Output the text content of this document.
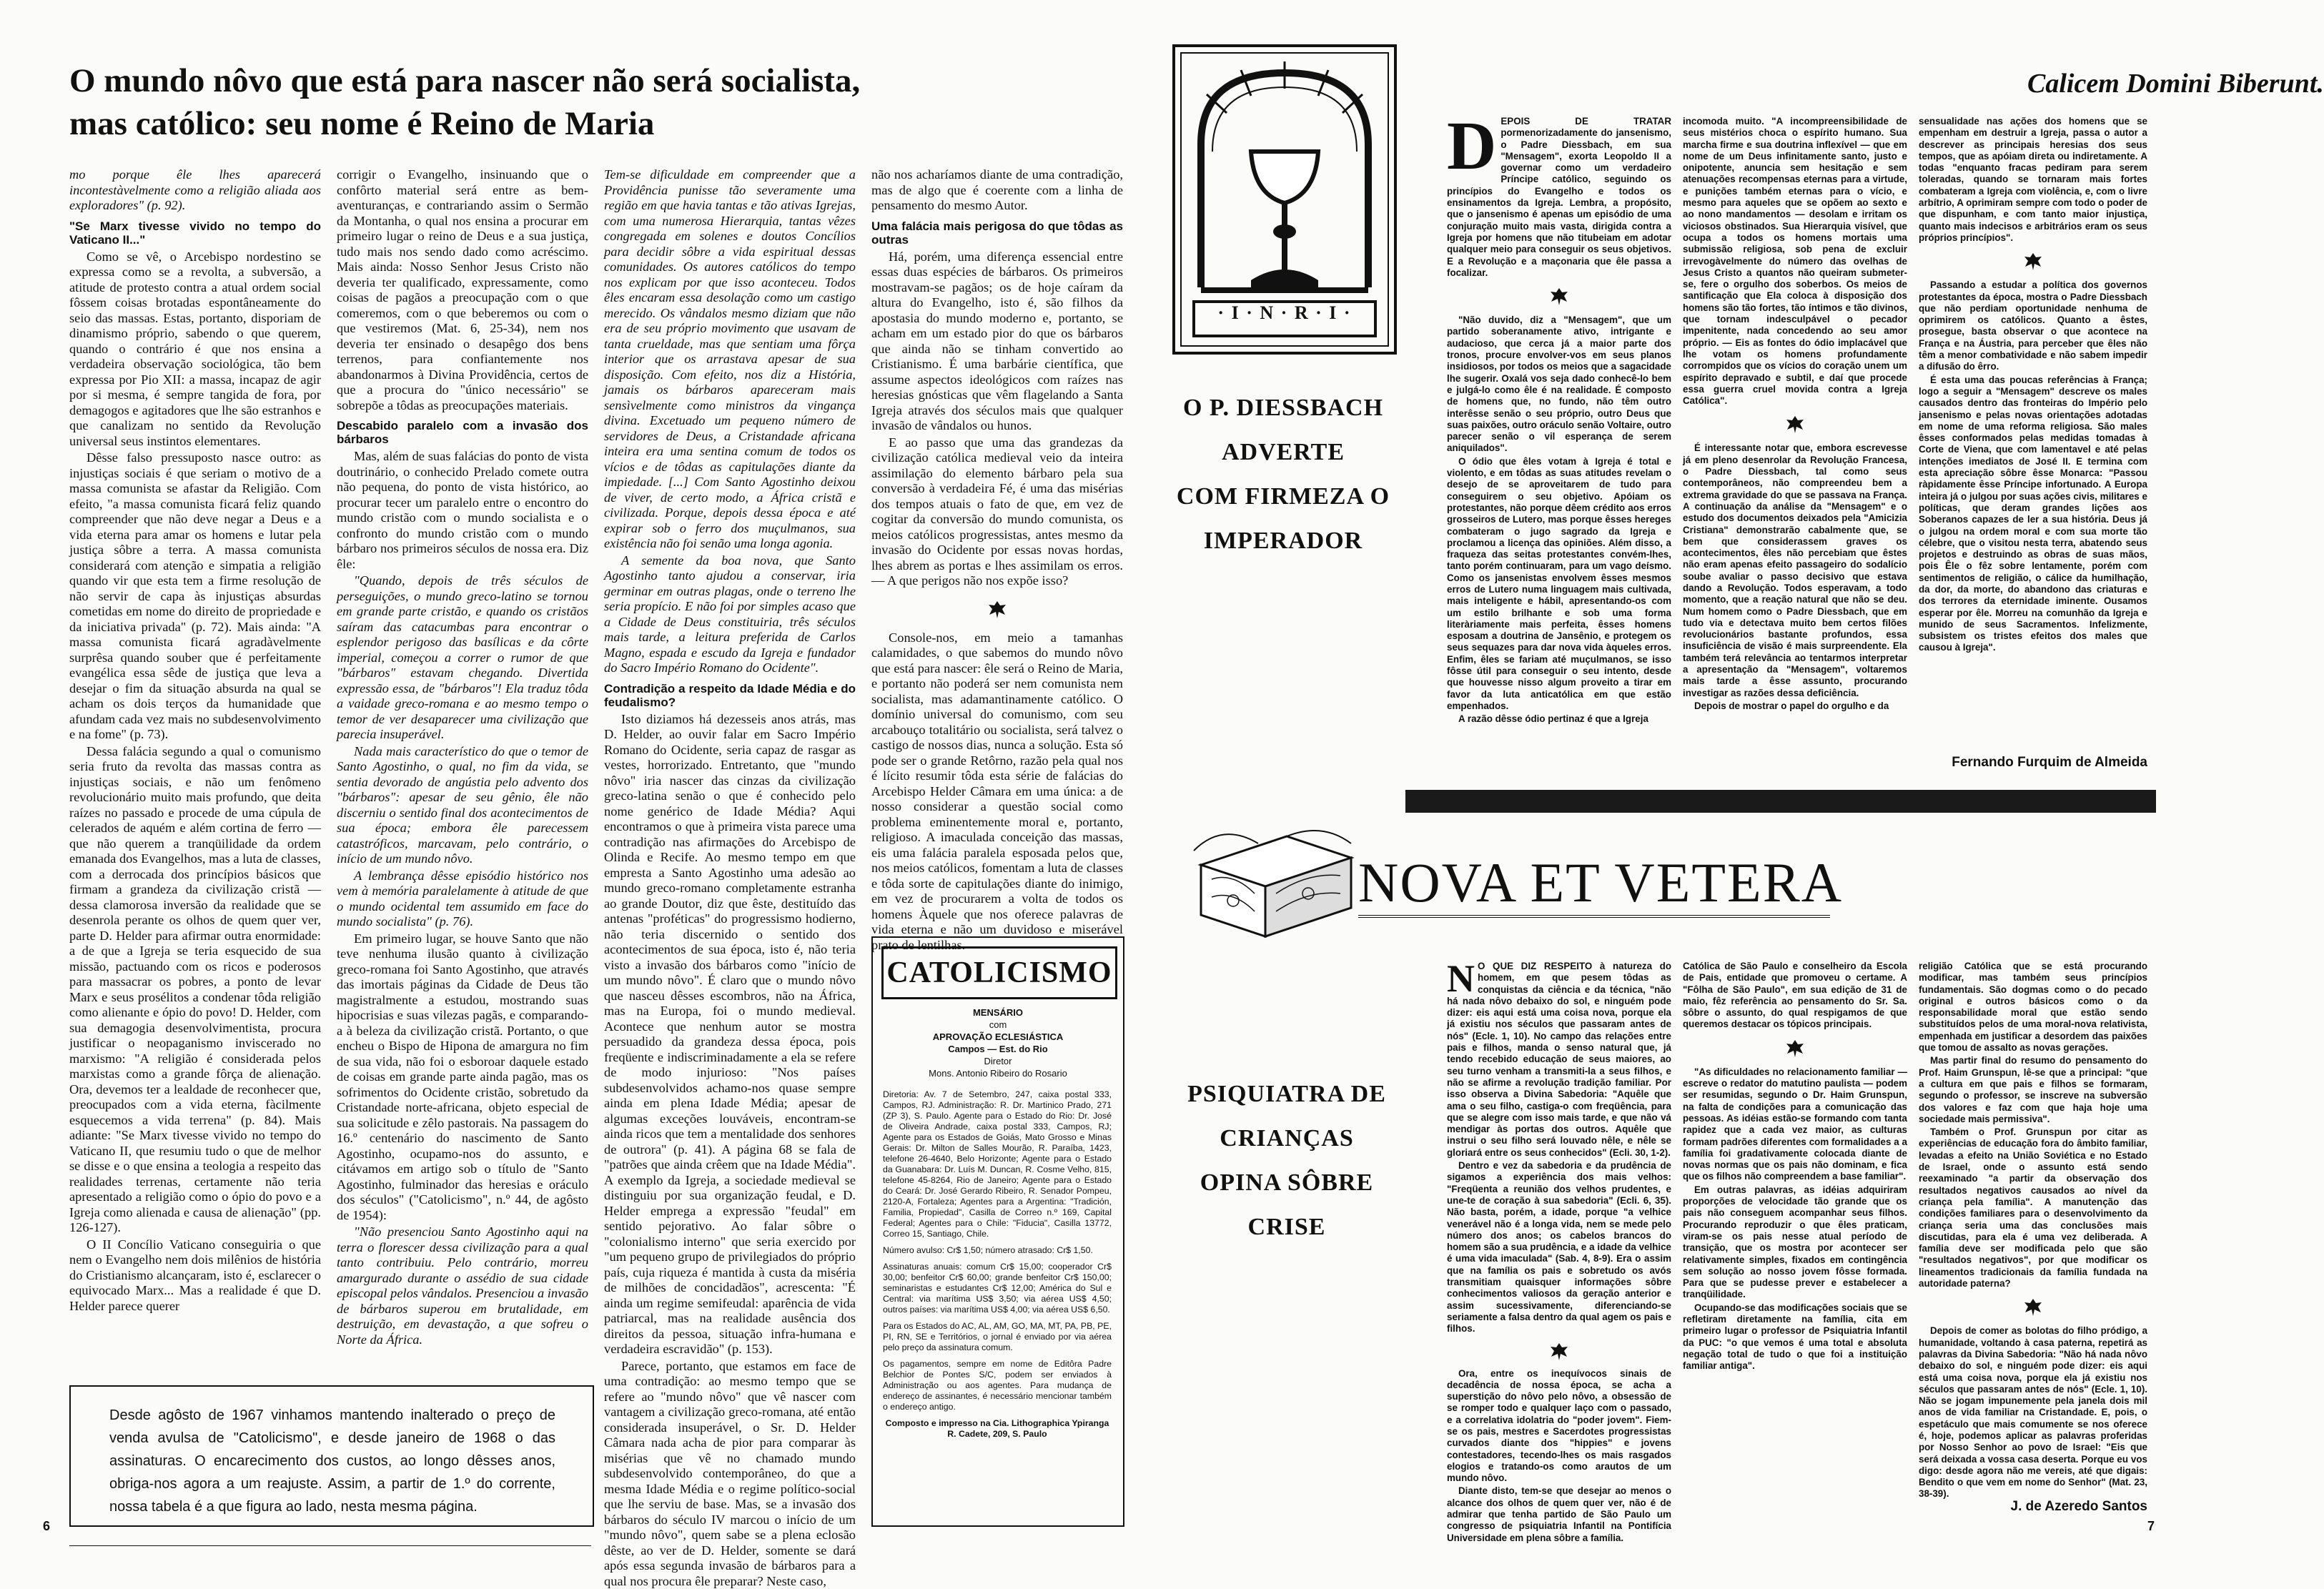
O mundo nôvo que está para nascer não será socialista,
mas católico: seu nome é Reino de Maria

mo porque êle lhes aparecerá incontestàvelmente como a religião aliada aos exploradores" (p. 92).

"Se Marx tivesse vivido no tempo do Vaticano II..."

Como se vê, o Arcebispo nordestino se expressa como se a revolta, a subversão, a atitude de protesto contra a atual ordem social fôssem coisas brotadas espontâneamente do seio das massas. Estas, portanto, disporiam de dinamismo próprio, sabendo o que querem, quando o contrário é que nos ensina a verdadeira observação sociológica, tão bem expressa por Pio XII: a massa, incapaz de agir por si mesma, é sempre tangida de fora, por demagogos e agitadores que lhe são estranhos e que canalizam no sentido da Revolução universal seus instintos elementares.

Dêsse falso pressuposto nasce outro: as injustiças sociais é que seriam o motivo de a massa comunista se afastar da Religião. Com efeito, "a massa comunista ficará feliz quando compreender que não deve negar a Deus e a vida eterna para amar os homens e lutar pela justiça sôbre a terra. A massa comunista considerará com atenção e simpatia a religião quando vir que esta tem a firme resolução de não servir de capa às injustiças absurdas cometidas em nome do direito de propriedade e da iniciativa privada" (p. 72). Mais ainda: "A massa comunista ficará agradàvelmente surprêsa quando souber que é perfeitamente evangélica essa sêde de justiça que leva a desejar o fim da situação absurda na qual se acham os dois terços da humanidade que afundam cada vez mais no subdesenvolvimento e na fome" (p. 73).

Dessa falácia segundo a qual o comunismo seria fruto da revolta das massas contra as injustiças sociais, e não um fenômeno revolucionário muito mais profundo, que deita raízes no passado e procede de uma cúpula de celerados de aquém e além cortina de ferro — que não querem a tranqüilidade da ordem emanada dos Evangelhos, mas a luta de classes, com a derrocada dos princípios básicos que firmam a grandeza da civilização cristã — dessa clamorosa inversão da realidade que se desenrola perante os olhos de quem quer ver, parte D. Helder para afirmar outra enormidade: a de que a Igreja se teria esquecido de sua missão, pactuando com os ricos e poderosos para massacrar os pobres, a ponto de levar Marx e seus prosélitos a condenar tôda religião como alienante e ópio do povo! D. Helder, com sua demagogia desenvolvimentista, procura justificar o neopaganismo inviscerado no marxismo: "A religião é considerada pelos marxistas como a grande fôrça de alienação. Ora, devemos ter a lealdade de reconhecer que, preocupados com a vida eterna, fàcilmente esquecemos a vida terrena" (p. 84). Mais adiante: "Se Marx tivesse vivido no tempo do Vaticano II, que resumiu tudo o que de melhor se disse e o que ensina a teologia a respeito das realidades terrenas, certamente não teria apresentado a religião como o ópio do povo e a Igreja como alienada e causa de alienação" (pp. 126-127).

O II Concílio Vaticano conseguiria o que nem o Evangelho nem dois milênios de história do Cristianismo alcançaram, isto é, esclarecer o equivocado Marx... Mas a realidade é que D. Helder parece querer

corrigir o Evangelho, insinuando que o confôrto material será entre as bem-aventuranças, e contrariando assim o Sermão da Montanha, o qual nos ensina a procurar em primeiro lugar o reino de Deus e a sua justiça, tudo mais nos sendo dado como acréscimo. Mais ainda: Nosso Senhor Jesus Cristo não deveria ter qualificado, expressamente, como coisas de pagãos a preocupação com o que comeremos, com o que beberemos ou com o que vestiremos (Mat. 6, 25-34), nem nos deveria ter ensinado o desapêgo dos bens terrenos, para confiantemente nos abandonarmos à Divina Providência, certos de que a procura do "único necessário" se sobrepõe a tôdas as preocupações materiais.

Descabido paralelo com a invasão dos bárbaros

Mas, além de suas falácias do ponto de vista doutrinário, o conhecido Prelado comete outra não pequena, do ponto de vista histórico, ao procurar tecer um paralelo entre o encontro do mundo cristão com o mundo socialista e o confronto do mundo cristão com o mundo bárbaro nos primeiros séculos de nossa era. Diz êle:

"Quando, depois de três séculos de perseguições, o mundo greco-latino se tornou em grande parte cristão, e quando os cristãos saíram das catacumbas para encontrar o esplendor perigoso das basílicas e da côrte imperial, começou a correr o rumor de que "bárbaros" estavam chegando. Divertida expressão essa, de "bárbaros"! Ela traduz tôda a vaidade greco-romana e ao mesmo tempo o temor de ver desaparecer uma civilização que parecia insuperável.

Nada mais característico do que o temor de Santo Agostinho, o qual, no fim da vida, se sentia devorado de angústia pelo advento dos "bárbaros": apesar de seu gênio, êle não discerniu o sentido final dos acontecimentos de sua época; embora êle parecessem catastróficos, marcavam, pelo contrário, o início de um mundo nôvo.

A lembrança dêsse episódio histórico nos vem à memória paralelamente à atitude de que o mundo ocidental tem assumido em face do mundo socialista" (p. 76).

Em primeiro lugar, se houve Santo que não teve nenhuma ilusão quanto à civilização greco-romana foi Santo Agostinho, que através das imortais páginas da Cidade de Deus tão magistralmente a estudou, mostrando suas hipocrisias e suas vilezas pagãs, e comparando-a à beleza da civilização cristã. Portanto, o que encheu o Bispo de Hipona de amargura no fim de sua vida, não foi o esboroar daquele estado de coisas em grande parte ainda pagão, mas os sofrimentos do Ocidente cristão, sobretudo da Cristandade norte-africana, objeto especial de sua solicitude e zêlo pastorais. Na passagem do 16.º centenário do nascimento de Santo Agostinho, ocupamo-nos do assunto, e citávamos em artigo sob o título de "Santo Agostinho, fulminador das heresias e oráculo dos séculos" ("Catolicismo", n.º 44, de agôsto de 1954):

"Não presenciou Santo Agostinho aqui na terra o florescer dessa civilização para a qual tanto contribuiu. Pelo contrário, morreu amargurado durante o assédio de sua cidade episcopal pelos vândalos. Presenciou a invasão de bárbaros superou em brutalidade, em destruição, em devastação, a que sofreu o Norte da África.

Tem-se dificuldade em compreender que a Providência punisse tão severamente uma região em que havia tantas e tão ativas Igrejas, com uma numerosa Hierarquia, tantas vêzes congregada em solenes e doutos Concílios para decidir sôbre a vida espiritual dessas comunidades. Os autores católicos do tempo nos explicam por que isso aconteceu. Todos êles encaram essa desolação como um castigo merecido. Os vândalos mesmo diziam que não era de seu próprio movimento que usavam de tanta crueldade, mas que sentiam uma fôrça interior que os arrastava apesar de sua disposição. Com efeito, nos diz a História, jamais os bárbaros apareceram mais sensìvelmente como ministros da vingança divina. Excetuado um pequeno número de servidores de Deus, a Cristandade africana inteira era uma sentina comum de todos os vícios e de tôdas as capitulações diante da impiedade. [...] Com Santo Agostinho deixou de viver, de certo modo, a África cristã e civilizada. Porque, depois dessa época e até expirar sob o ferro dos muçulmanos, sua existência não foi senão uma longa agonia.

A semente da boa nova, que Santo Agostinho tanto ajudou a conservar, iria germinar em outras plagas, onde o terreno lhe seria propício. E não foi por simples acaso que a Cidade de Deus constituiria, três séculos mais tarde, a leitura preferida de Carlos Magno, espada e escudo da Igreja e fundador do Sacro Império Romano do Ocidente".

Contradição a respeito da Idade Média e do feudalismo?

Isto diziamos há dezesseis anos atrás, mas D. Helder, ao ouvir falar em Sacro Império Romano do Ocidente, seria capaz de rasgar as vestes, horrorizado. Entretanto, que "mundo nôvo" iria nascer das cinzas da civilização greco-latina senão o que é conhecido pelo nome genérico de Idade Média? Aqui encontramos o que à primeira vista parece uma contradição nas afirmações do Arcebispo de Olinda e Recife. Ao mesmo tempo em que empresta a Santo Agostinho uma adesão ao mundo greco-romano completamente estranha ao grande Doutor, diz que êste, destituído das antenas "proféticas" do progressismo hodierno, não teria discernido o sentido dos acontecimentos de sua época, isto é, não teria visto a invasão dos bárbaros como "início de um mundo nôvo". É claro que o mundo nôvo que nasceu dêsses escombros, não na África, mas na Europa, foi o mundo medieval. Acontece que nenhum autor se mostra persuadido da grandeza dessa época, pois freqüente e indiscriminadamente a ela se refere de modo injurioso: "Nos países subdesenvolvidos achamo-nos quase sempre ainda em plena Idade Média; apesar de algumas exceções louváveis, encontram-se ainda ricos que tem a mentalidade dos senhores de outrora" (p. 41). A página 68 se fala de "patrões que ainda crêem que na Idade Média". A exemplo da Igreja, a sociedade medieval se distinguiu por sua organização feudal, e D. Helder emprega a expressão "feudal" em sentido pejorativo. Ao falar sôbre o "colonialismo interno" que seria exercido por "um pequeno grupo de privilegiados do próprio país, cuja riqueza é mantida à custa da miséria de milhões de concidadãos", acrescenta: "É ainda um regime semifeudal: aparência de vida patriarcal, mas na realidade ausência dos direitos da pessoa, situação infra-humana e verdadeira escravidão" (p. 153).

Parece, portanto, que estamos em face de uma contradição: ao mesmo tempo que se refere ao "mundo nôvo" que vê nascer com vantagem a civilização greco-romana, até então considerada insuperável, o Sr. D. Helder Câmara nada acha de pior para comparar às misérias que vê no chamado mundo subdesenvolvido contemporâneo, do que a mesma Idade Média e o regime político-social que lhe serviu de base. Mas, se a invasão dos bárbaros do século IV marcou o início de um "mundo nôvo", quem sabe se a plena eclosão dêste, ao ver de D. Helder, somente se dará após essa segunda invasão de bárbaros para a qual nos procura êle preparar? Neste caso,

não nos acharíamos diante de uma contradição, mas de algo que é coerente com a linha de pensamento do mesmo Autor.

Uma falácia mais perigosa do que tôdas as outras

Há, porém, uma diferença essencial entre essas duas espécies de bárbaros. Os primeiros mostravam-se pagãos; os de hoje caíram da altura do Evangelho, isto é, são filhos da apostasia do mundo moderno e, portanto, se acham em um estado pior do que os bárbaros que ainda não se tinham convertido ao Cristianismo. É uma barbárie científica, que assume aspectos ideológicos com raízes nas heresias gnósticas que vêm flagelando a Santa Igreja através dos séculos mais que qualquer invasão de vândalos ou hunos.

E ao passo que uma das grandezas da civilização católica medieval veio da inteira assimilação do elemento bárbaro pela sua conversão à verdadeira Fé, é uma das misérias dos tempos atuais o fato de que, em vez de cogitar da conversão do mundo comunista, os meios católicos progressistas, antes mesmo da invasão do Ocidente por essas novas hordas, lhes abrem as portas e lhes assimilam os erros. — A que perigos não nos expõe isso?

Console-nos, em meio a tamanhas calamidades, o que sabemos do mundo nôvo que está para nascer: êle será o Reino de Maria, e portanto não poderá ser nem comunista nem socialista, mas adamantinamente católico. O domínio universal do comunismo, com seu arcabouço totalitário ou socialista, será talvez o castigo de nossos dias, nunca a solução. Esta só pode ser o grande Retôrno, razão pela qual nos é lícito resumir tôda esta série de falácias do Arcebispo Helder Câmara em uma única: a de nosso considerar a questão social como problema eminentemente moral e, portanto, religioso. A imaculada conceição das massas, eis uma falácia paralela esposada pelos que, nos meios católicos, fomentam a luta de classes e tôda sorte de capitulações diante do inimigo, em vez de procurarem a volta de todos os homens Àquele que nos oferece palavras de vida eterna e não um duvidoso e miserável prato de lentilhas.

Desde agôsto de 1967 vinhamos mantendo inalterado o preço de venda avulsa de "Catolicismo", e desde janeiro de 1968 o das assinaturas. O encarecimento dos custos, ao longo dêsses anos, obriga-nos agora a um reajuste. Assim, a partir de 1.º do corrente, nossa tabela é a que figura ao lado, nesta mesma página.
CATOLICISMO
MENSÁRIO
com
APROVAÇÃO ECLESIÁSTICA
Campos — Est. do Rio
Diretor
Mons. Antonio Ribeiro do Rosario

Diretoria: Av. 7 de Setembro, 247, caixa postal 333, Campos, RJ. Administração: R. Dr. Martinico Prado, 271 (ZP 3), S. Paulo. Agente para o Estado do Rio: Dr. José de Oliveira Andrade, caixa postal 333, Campos, RJ; Agente para os Estados de Goiás, Mato Grosso e Minas Gerais: Dr. Milton de Salles Mourão, R. Paraíba, 1423, telefone 26-4640, Belo Horizonte; Agente para o Estado da Guanabara: Dr. Luís M. Duncan, R. Cosme Velho, 815, telefone 45-8264, Rio de Janeiro; Agente para o Estado do Ceará: Dr. José Gerardo Ribeiro, R. Senador Pompeu, 2120-A, Fortaleza; Agentes para a Argentina: "Tradición, Familia, Propiedad", Casilla de Correo n.º 169, Capital Federal; Agentes para o Chile: "Fiducia", Casilla 13772, Correo 15, Santiago, Chile.

Número avulso: Cr$ 1,50; número atrasado: Cr$ 1,50.

Assinaturas anuais: comum Cr$ 15,00; cooperador Cr$ 30,00; benfeitor Cr$ 60,00; grande benfeitor Cr$ 150,00; seminaristas e estudantes Cr$ 12,00; América do Sul e Central: via marítima US$ 3,50; via aérea US$ 4,50; outros países: via marítima US$ 4,00; via aérea US$ 6,50.

Para os Estados do AC, AL, AM, GO, MA, MT, PA, PB, PE, PI, RN, SE e Territórios, o jornal é enviado por via aérea pelo preço da assinatura comum.

Os pagamentos, sempre em nome de Editôra Padre Belchior de Pontes S/C, podem ser enviados à Administração ou aos agentes. Para mudança de endereço de assinantes, é necessário mencionar também o endereço antigo.

Composto e impresso na Cia. Lithographica Ypiranga R. Cadete, 209, S. Paulo

6
· I · N · R · I ·
Calicem Domini Biberunt.
O P. DIESSBACH
ADVERTE
COM FIRMEZA O
IMPERADOR
D EPOIS DE TRATAR pormenorizadamente do jansenismo, o Padre Diessbach, em sua "Mensagem", exorta Leopoldo II a governar como um verdadeiro Príncipe católico, seguindo os princípios do Evangelho e todos os ensinamentos da Igreja. Lembra, a propósito, que o jansenismo é apenas um episódio de uma conjuração muito mais vasta, dirigida contra a Igreja por homens que não titubeiam em adotar qualquer meio para conseguir os seus objetivos. E a Revolução e a maçonaria que êle passa a focalizar.

"Não duvido, diz a "Mensagem", que um partido soberanamente ativo, intrigante e audacioso, que cerca já a maior parte dos tronos, procure envolver-vos em seus planos insidiosos, por todos os meios que a sagacidade lhe sugerir. Oxalá vos seja dado conhecê-lo bem e julgá-lo como êle é na realidade. É composto de homens que, no fundo, não têm outro interêsse senão o seu próprio, outro Deus que suas paixões, outro oráculo senão Voltaire, outro parecer senão o vil esperança de serem aniquilados".

O ódio que êles votam à Igreja é total e violento, e em tôdas as suas atitudes revelam o desejo de se aproveitarem de tudo para conseguirem o seu objetivo. Apóiam os protestantes, não porque dêem crédito aos erros grosseiros de Lutero, mas porque êsses hereges combateram o jugo sagrado da Igreja e proclamou a licença das opiniões. Além disso, a fraqueza das seitas protestantes convém-lhes, tanto porém continuaram, para um vago deísmo. Como os jansenistas envolvem êsses mesmos erros de Lutero numa linguagem mais cultivada, mais inteligente e hábil, apresentando-os com um estilo brilhante e sob uma forma literàriamente mais perfeita, êsses homens esposam a doutrina de Jansênio, e protegem os seus sequazes para dar nova vida àqueles erros. Enfim, êles se fariam até muçulmanos, se isso fôsse útil para conseguir o seu intento, desde que houvesse nisso algum proveito a tirar em favor da luta anticatólica em que estão empenhados.

A razão dêsse ódio pertinaz é que a Igreja

incomoda muito. "A incompreensibilidade de seus mistérios choca o espírito humano. Sua marcha firme e sua doutrina inflexível — que em nome de um Deus infinitamente santo, justo e onipotente, anuncia sem hesitação e sem atenuações recompensas eternas para a virtude, e punições também eternas para o vício, e mesmo para aqueles que se opõem ao sexto e ao nono mandamentos — desolam e irritam os viciosos obstinados. Sua Hierarquia visível, que ocupa a todos os homens mortais uma submissão religiosa, sob pena de excluir irrevogàvelmente do número das ovelhas de Jesus Cristo a quantos não queiram submeter-se, fere o orgulho dos soberbos. Os meios de santificação que Ela coloca à disposição dos homens são tão fortes, tão íntimos e tão divinos, que tornam indesculpável o pecador impenitente, nada concedendo ao seu amor próprio. — Eis as fontes do ódio implacável que lhe votam os homens profundamente corrompidos que os vícios do coração unem um espírito depravado e subtil, e daí que procede essa guerra cruel movida contra a Igreja Católica".

É interessante notar que, embora escrevesse já em pleno desenrolar da Revolução Francesa, o Padre Diessbach, tal como seus contemporâneos, não compreendeu bem a extrema gravidade do que se passava na França. A continuação da análise da "Mensagem" e o estudo dos documentos deixados pela "Amicizia Cristiana" demonstrarão cabalmente que, se bem que considerassem graves os acontecimentos, êles não percebiam que êstes não eram apenas efeito passageiro do sodalício soube avaliar o passo decisivo que estava dando a Revolução. Todos esperavam, a todo momento, que a reação natural que não se deu. Num homem como o Padre Diessbach, que em tudo via e detectava muito bem certos filões revolucionários bastante profundos, essa insuficiência de visão é mais surpreendente. Ela também terá relevância ao tentarmos interpretar a apresentação da "Mensagem", voltaremos mais tarde a êsse assunto, procurando investigar as razões dessa deficiência.

Depois de mostrar o papel do orgulho e da

sensualidade nas ações dos homens que se empenham em destruir a Igreja, passa o autor a descrever as principais heresias dos seus tempos, que as apóiam direta ou indiretamente. A todas "enquanto fracas pediram para serem toleradas, quando se tornaram mais fortes combateram a Igreja com violência, e, com o livre arbítrio, A oprimiram sempre com todo o poder de que dispunham, e com tanto maior injustiça, quanto mais indecisos e arbitrários eram os seus próprios princípios".

Passando a estudar a política dos governos protestantes da época, mostra o Padre Diessbach que não perdiam oportunidade nenhuma de oprimirem os católicos. Quanto a êstes, prosegue, basta observar o que acontece na França e na Áustria, para perceber que êles não têm a menor combatividade e não sabem impedir a difusão do êrro.

É esta uma das poucas referências à França; logo a seguir a "Mensagem" descreve os males causados dentro das fronteiras do Império pelo jansenismo e pelas novas orientações adotadas em nome de uma reforma religiosa. São males êsses conformados pelas medidas tomadas à Corte de Viena, que com lamentavel e até pelas intenções imediatos de José II. E termina com esta apreciação sôbre êsse Monarca: "Passou ràpidamente êsse Príncipe infortunado. A Europa inteira já o julgou por suas ações civis, militares e políticas, que deram grandes lições aos Soberanos capazes de ler a sua história. Deus já o julgou na ordem moral e com sua morte tão célebre, que o visitou nesta terra, abatendo seus projetos e destruindo as obras de suas mãos, pois Êle o fêz sobre lentamente, porém com sentimentos de religião, o cálice da humilhação, da dor, da morte, do abandono das criaturas e dos terrores da eternidade iminente. Ousamos esperar por êle. Morreu na comunhão da Igreja e munido de seus Sacramentos. Infelizmente, subsistem os tristes efeitos dos males que causou à Igreja".

Fernando Furquim de Almeida
NOVA ET VETERA
PSIQUIATRA DE
CRIANÇAS
OPINA SÔBRE
CRISE
N O QUE DIZ RESPEITO à natureza do homem, em que pesem tôdas as conquistas da ciência e da técnica, "não há nada nôvo debaixo do sol, e ninguém pode dizer: eis aqui está uma coisa nova, porque ela já existiu nos séculos que passaram antes de nós" (Ecle. 1, 10). No campo das relações entre pais e filhos, manda o senso natural que, já tendo recebido educação de seus maiores, ao seu turno venham a transmiti-la a seus filhos, e não se afirme a revolução tradição familiar. Por isso observa a Divina Sabedoria: "Aquêle que ama o seu filho, castiga-o com freqüência, para que se alegre com isso mais tarde, e que não vá mendigar às portas dos outros. Aquêle que instrui o seu filho será louvado nêle, e nêle se gloriará entre os seus conhecidos" (Ecli. 30, 1-2).

Dentro e vez da sabedoria e da prudência de sigamos a experiência dos mais velhos: "Freqüenta a reunião dos velhos prudentes, e une-te de coração à sua sabedoria" (Ecli. 6, 35). Não basta, porém, a idade, porque "a velhice venerável não é a longa vida, nem se mede pelo número dos anos; os cabelos brancos do homem são a sua prudência, e a idade da velhice é uma vida imaculada" (Sab. 4, 8-9). Era o assim que na família os pais e sobretudo os avós transmitiam quaisquer informações sôbre conhecimentos valiosos da geração anterior e assim sucessivamente, diferenciando-se seriamente a falsa dentro da qual agem os pais e filhos.

Ora, entre os inequívocos sinais de decadência de nossa época, se acha a superstição do nôvo pelo nôvo, a obsessão de se romper todo e qualquer laço com o passado, e a correlativa idolatria do "poder jovem". Fiem-se os pais, mestres e Sacerdotes progressistas curvados diante dos "hippies" e jovens contestadores, tecendo-lhes os mais rasgados elogios e tratando-os como arautos de um mundo nôvo.

Diante disto, tem-se que desejar ao menos o alcance dos olhos de quem quer ver, não é de admirar que tenha partido de São Paulo um congresso de psiquiatria Infantil na Pontifícia Universidade em plena sôbre a família.

Católica de São Paulo e conselheiro da Escola de Pais, entidade que promoveu o certame. A "Fôlha de São Paulo", em sua edição de 31 de maio, fêz referência ao pensamento do Sr. Sa. sôbre o assunto, do qual respigamos de que queremos destacar os tópicos principais.

"As dificuldades no relacionamento familiar — escreve o redator do matutino paulista — podem ser resumidas, segundo o Dr. Haim Grunspun, na falta de condições para a comunicação das pessoas. As idéias estão-se formando com tanta rapidez que a cada vez maior, as culturas formam padrões diferentes com formalidades a a família foi gradativamente colocada diante de novas normas que os pais não dominam, e fica que os filhos não compreendem a base familiar".

Em outras palavras, as idéias adquiriram proporções de velocidade tão grande que os pais não conseguem acompanhar seus filhos. Procurando reproduzir o que êles praticam, viram-se os pais nesse atual período de transição, que os mostra por acontecer ser relativamente simples, fixados em contingência sem solução ao nosso jovem fôsse formada. Para que se pudesse prever e estabelecer a tranqüilidade.

Ocupando-se das modificações sociais que se refletiram diretamente na família, cita em primeiro lugar o professor de Psiquiatria Infantil da PUC: "o que vemos é uma total e absoluta negação total de tudo o que foi a instituição familiar antiga".

religião Católica que se está procurando modificar, mas também seus princípios fundamentais. São dogmas como o do pecado original e outros básicos como o da responsabilidade moral que estão sendo substituídos pelos de uma moral-nova relativista, empenhada em justificar a desordem das paixões que tomou de assalto as novas gerações.

Mas partir final do resumo do pensamento do Prof. Haim Grunspun, lê-se que a principal: "que a cultura em que pais e filhos se formaram, segundo o professor, se inscreve na subversão dos valores e faz com que haja hoje uma sociedade mais permissiva".

Também o Prof. Grunspun por citar as experiências de educação fora do âmbito familiar, levadas a efeito na União Soviética e no Estado de Israel, onde o assunto está sendo reexaminado "a partir da observação dos resultados negativos causados ao nível da criança pela família". A manutenção das condições familiares para o desenvolvimento da criança seria uma das conclusões mais discutidas, para ela é uma vez deliberada. A família deve ser modificada pelo que são "resultados negativos", por que modificar os lineamentos tradicionais da família fundada na autoridade paterna?

Depois de comer as bolotas do filho pródigo, a humanidade, voltando à casa paterna, repetirá as palavras da Divina Sabedoria: "Não há nada nôvo debaixo do sol, e ninguém pode dizer: eis aqui está uma coisa nova, porque ela já existiu nos séculos que passaram antes de nós" (Ecle. 1, 10). Não se jogam impunemente pela janela dois mil anos de vida familiar na Cristandade. E, pois, o espetáculo que mais comumente se nos oferece é, hoje, podemos aplicar as palavras proferidas por Nosso Senhor ao povo de Israel: "Eis que será deixada a vossa casa deserta. Porque eu vos digo: desde agora não me vereis, até que digais: Bendito o que vem em nome do Senhor" (Mat. 23, 38-39).

J. de Azeredo Santos
7
